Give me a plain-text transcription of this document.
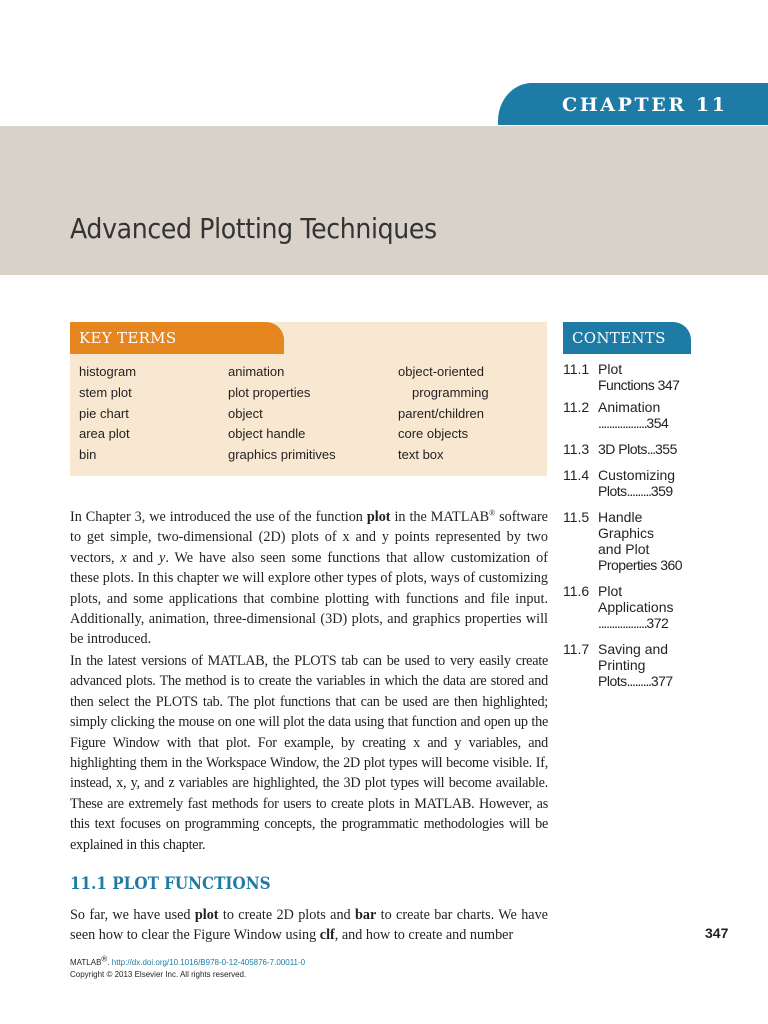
CHAPTER 11
Advanced Plotting Techniques
KEY TERMS
histogram
stem plot
pie chart
area plot
bin
animation
plot properties
object
object handle
graphics primitives
object-oriented
programming
parent/children
core objects
text box
CONTENTS
11.1 Plot
Functions 347
11.2 Animation
..................354
11.3 3D Plots...355
11.4 Customizing
Plots.........359
11.5 Handle
Graphics
and Plot
Properties 360
11.6 Plot
Applications
..................372
11.7 Saving and
Printing
Plots.........377

In Chapter 3, we introduced the use of the function plot in the MATLAB® software to get simple, two-dimensional (2D) plots of x and y points represented by two vectors, x and y. We have also seen some functions that allow customization of these plots. In this chapter we will explore other types of plots, ways of customizing plots, and some applications that combine plotting with functions and file input. Additionally, animation, three-dimensional (3D) plots, and graphics properties will be introduced.

In the latest versions of MATLAB, the PLOTS tab can be used to very easily create advanced plots. The method is to create the variables in which the data are stored and then select the PLOTS tab. The plot functions that can be used are then highlighted; simply clicking the mouse on one will plot the data using that function and open up the Figure Window with that plot. For example, by creating x and y variables, and highlighting them in the Workspace Window, the 2D plot types will become visible. If, instead, x, y, and z variables are highlighted, the 3D plot types will become available. These are extremely fast methods for users to create plots in MATLAB. However, as this text focuses on programming concepts, the programmatic methodologies will be explained in this chapter.

11.1 PLOT FUNCTIONS

So far, we have used plot to create 2D plots and bar to create bar charts. We have seen how to clear the Figure Window using clf, and how to create and number	347
MATLAB®. http://dx.doi.org/10.1016/B978-0-12-405876-7.00011-0
Copyright © 2013 Elsevier Inc. All rights reserved.
